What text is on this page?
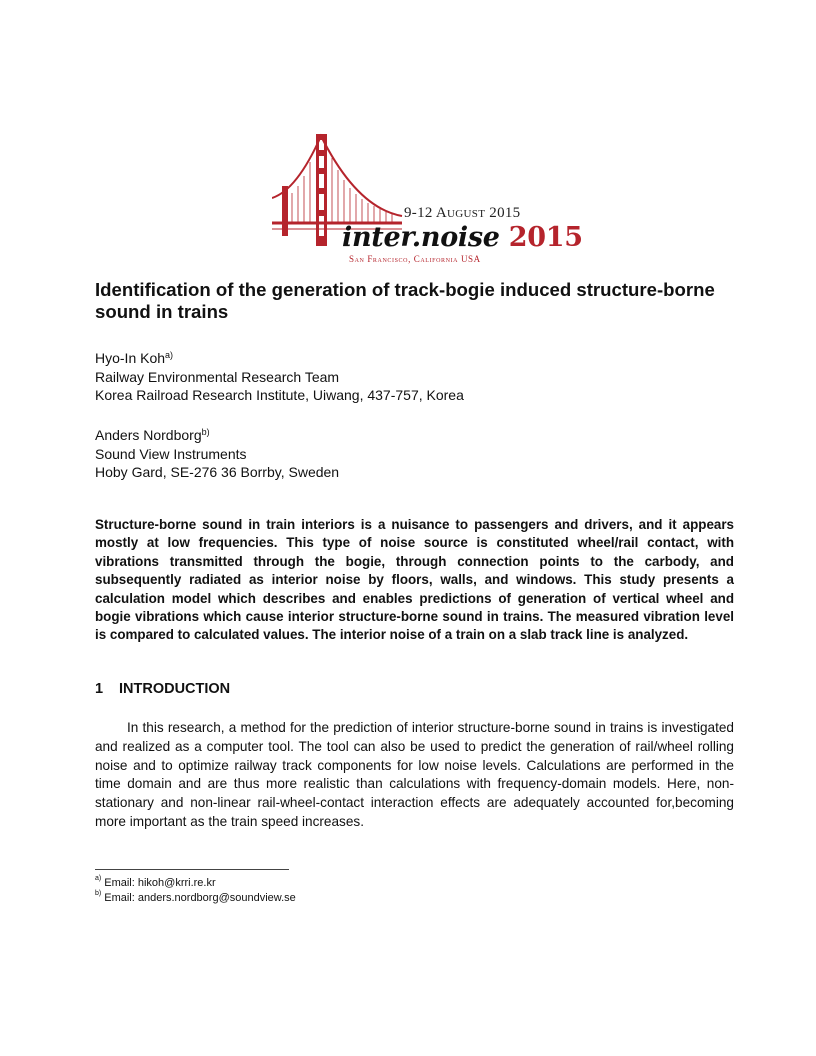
9-12 August 2015
inter.noise 2015
San Francisco, California USA
Identification of the generation of track-bogie induced structure-borne sound in trains
Hyo-In Koh$^{a)}$
Railway Environmental Research Team
Korea Railroad Research Institute, Uiwang, 437-757, Korea
Anders Nordborg$^{b)}$
Sound View Instruments
Hoby Gard, SE-276 36 Borrby, Sweden

Structure-borne sound in train interiors is a nuisance to passengers and drivers, and it appears mostly at low frequencies. This type of noise source is constituted wheel/rail contact, with vibrations transmitted through the bogie, through connection points to the carbody, and subsequently radiated as interior noise by floors, walls, and windows. This study presents a calculation model which describes and enables predictions of generation of vertical wheel and bogie vibrations which cause interior structure-borne sound in trains. The measured vibration level is compared to calculated values. The interior noise of a train on a slab track line is analyzed.

1 INTRODUCTION

In this research, a method for the prediction of interior structure-borne sound in trains is investigated and realized as a computer tool. The tool can also be used to predict the generation of rail/wheel rolling noise and to optimize railway track components for low noise levels. Calculations are performed in the time domain and are thus more realistic than calculations with frequency-domain models. Here, non-stationary and non-linear rail-wheel-contact interaction effects are adequately accounted for,becoming more important as the train speed increases.

$^{a)}$ Email: hikoh@krri.re.kr
$^{b)}$ Email: anders.nordborg@soundview.se
